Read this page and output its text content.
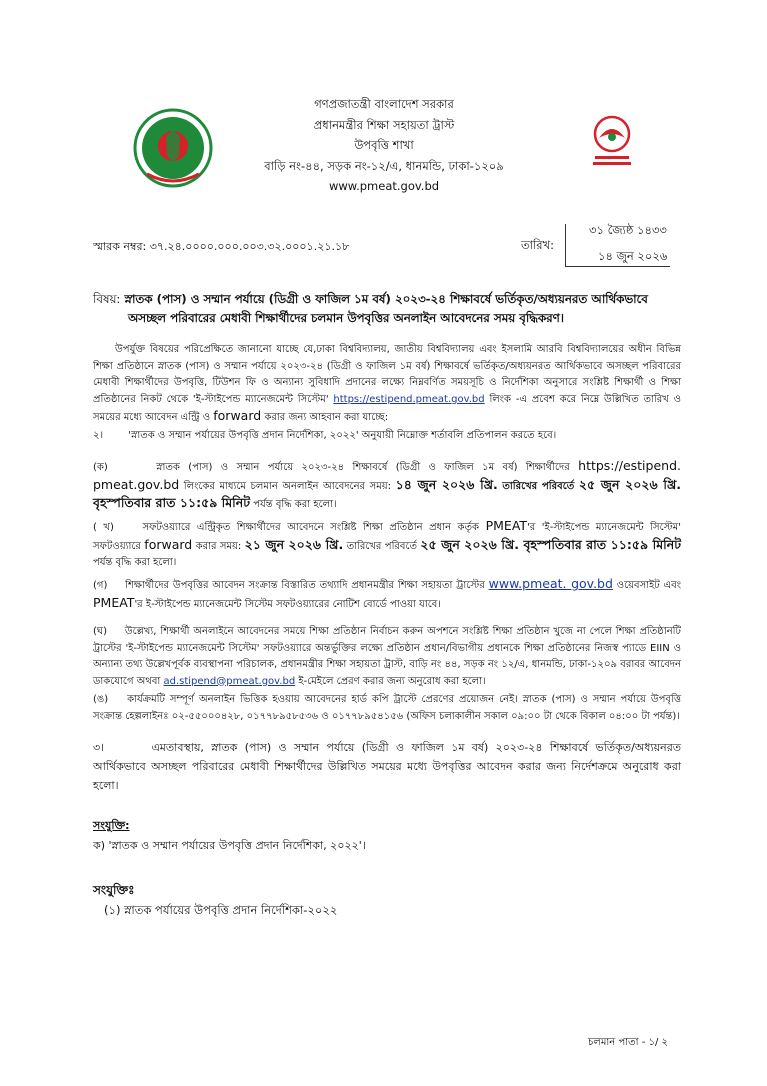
গণপ্রজাতন্ত্রী বাংলাদেশ সরকার
প্রধানমন্ত্রীর শিক্ষা সহায়তা ট্রাস্ট
উপবৃত্তি শাখা
বাড়ি নং-৪৪, সড়ক নং-১২/এ, ধানমন্ডি, ঢাকা-১২০৯
www.pmeat.gov.bd
স্মারক নম্বর: ৩৭.২৪.০০০০.০০০.০০৩.৩২.০০০১.২১.১৮	তারিখ:
৩১ জ্যৈষ্ঠ ১৪৩৩
১৪ জুন ২০২৬
বিষয়: স্নাতক (পাস) ও সম্মান পর্যায়ে (ডিগ্রী ও ফাজিল ১ম বর্ষ) ২০২৩-২৪ শিক্ষাবর্ষে ভর্তিকৃত/অধ্যয়নরত আর্থিকভাবে
অসচ্ছল পরিবারের মেধাবী শিক্ষার্থীদের চলমান উপবৃত্তির অনলাইন আবেদনের সময় বৃদ্ধিকরণ।
উপর্যুক্ত বিষয়ের পরিপ্রেক্ষিতে জানানো যাচ্ছে যে,ঢাকা বিশ্ববিদ্যালয়, জাতীয় বিশ্ববিদ্যালয় এবং ইসলামি আরবি বিশ্ববিদ্যালয়ের অধীন বিভিন্ন শিক্ষা প্রতিষ্ঠানে স্নাতক (পাস) ও সম্মান পর্যায়ে ২০২৩-২৪ (ডিগ্রী ও ফাজিল ১ম বর্ষ) শিক্ষাবর্ষে ভর্তিকৃত/অধ্যয়নরত আর্থিকভাবে অসচ্ছল পরিবারের মেধাবী শিক্ষার্থীদের উপবৃত্তি, টিউশন ফি ও অন্যান্য সুবিধাদি প্রদানের লক্ষ্যে নিম্নবর্ণিত সময়সূচি ও নির্দেশিকা অনুসারে সংশ্লিষ্ট শিক্ষার্থী ও শিক্ষা প্রতিষ্ঠানের নিকট থেকে 'ই-স্টাইপেন্ড ম্যানেজমেন্ট সিস্টেম' https://estipend.pmeat.gov.bd লিংক -এ প্রবেশ করে নিম্নে উল্লিখিত তারিখ ও সময়ের মধ্যে আবেদন এন্ট্রি ও forward করার জন্য আহবান করা যাচ্ছে:
২।	'স্নাতক ও সম্মান পর্যায়ের উপবৃত্তি প্রদান নির্দেশিকা, ২০২২' অনুযায়ী নিম্নোক্ত শর্তাবলি প্রতিপালন করতে হবে।
(ক)	স্নাতক (পাস) ও সম্মান পর্যায়ে ২০২৩-২৪ শিক্ষাবর্ষে (ডিগ্রী ও ফাজিল ১ম বর্ষ) শিক্ষার্থীদের https://estipend. pmeat.gov.bd লিংকের মাধ্যমে চলমান অনলাইন আবেদনের সময়: ১৪ জুন ২০২৬ খ্রি. তারিখের পরিবর্তে ২৫ জুন ২০২৬ খ্রি. বৃহস্পতিবার রাত ১১:৫৯ মিনিট পর্যন্ত বৃদ্ধি করা হলো।
( খ)	সফটওয়্যারে এন্ট্রিকৃত শিক্ষার্থীদের আবেদনে সংশ্লিষ্ট শিক্ষা প্রতিষ্ঠান প্রধান কর্তৃক PMEAT'র 'ই-স্টাইপেন্ড ম্যানেজমেন্ট সিস্টেম' সফটওয়্যারে forward করার সময়: ২১ জুন ২০২৬ খ্রি. তারিখের পরিবর্তে ২৫ জুন ২০২৬ খ্রি. বৃহস্পতিবার রাত ১১:৫৯ মিনিট পর্যন্ত বৃদ্ধি করা হলো।
(গ) শিক্ষার্থীদের উপবৃত্তির আবেদন সংক্রান্ত বিস্তারিত তথ্যাদি প্রধানমন্ত্রীর শিক্ষা সহায়তা ট্রাস্টের www.pmeat. gov.bd ওয়েবসাইট এবং PMEAT'র ই-স্টাইপেন্ড ম্যানেজমেন্ট সিস্টেম সফটওয়্যারের নোটিশ বোর্ডে পাওয়া যাবে।
(ঘ) উল্লেখ্য, শিক্ষার্থী অনলাইনে আবেদনের সময়ে শিক্ষা প্রতিষ্ঠান নির্বাচন করুন অপশনে সংশ্লিষ্ট শিক্ষা প্রতিষ্ঠান খুজে না পেলে শিক্ষা প্রতিষ্ঠানটি ট্রাস্টের 'ই-স্টাইপেন্ড ম্যানেজমেন্ট সিস্টেম' সফটওয়্যারে অন্তর্ভুক্তির লক্ষ্যে প্রতিষ্ঠান প্রধান/বিভাগীয় প্রধানকে শিক্ষা প্রতিষ্ঠানের নিজস্ব প্যাডে EIIN ও অন্যান্য তথ্য উল্লেখপূর্বক ব্যবস্থাপনা পরিচালক, প্রধানমন্ত্রীর শিক্ষা সহায়তা ট্রাস্ট, বাড়ি নং ৪৪, সড়ক নং ১২/এ, ধানমন্ডি, ঢাকা-১২০৯ বরাবর আবেদন ডাকযোগে অথবা ad.stipend@pmeat.gov.bd ই-মেইলে প্রেরণ করার জন্য অনুরোধ করা হলো।
(ঙ) কার্যক্রমটি সম্পূর্ণ অনলাইন ভিত্তিক হওয়ায় আবেদনের হার্ড কপি ট্রাস্টে প্রেরণের প্রয়োজন নেই। স্নাতক (পাস) ও সম্মান পর্যায়ে উপবৃত্তি সংক্রান্ত হেল্পলাইনঃ ০২-৫৫০০০৪২৮, ০১৭৭৮৯৫৮৫৩৬ ও ০১৭৭৮৯৫৪১৫৬ (অফিস চলাকালীন সকাল ০৯:০০ টা থেকে বিকাল ০৪:০০ টা পর্যন্ত)।
৩।	এমতাবস্থায়, স্নাতক (পাস) ও সম্মান পর্যায়ে (ডিগ্রী ও ফাজিল ১ম বর্ষ) ২০২৩-২৪ শিক্ষাবর্ষে ভর্তিকৃত/অধ্যয়নরত আর্থিকভাবে অসচ্ছল পরিবারের মেধাবী শিক্ষার্থীদের উল্লিখিত সময়ের মধ্যে উপবৃত্তির আবেদন করার জন্য নির্দেশক্রমে অনুরোধ করা হলো।
সংযুক্তি:
ক) 'স্নাতক ও সম্মান পর্যায়ের উপবৃত্তি প্রদান নির্দেশিকা, ২০২২'।
সংযুক্তিঃ
(১) স্নাতক পর্যায়ের উপবৃত্তি প্রদান নির্দেশিকা-২০২২
চলমান পাতা - ১/ ২
